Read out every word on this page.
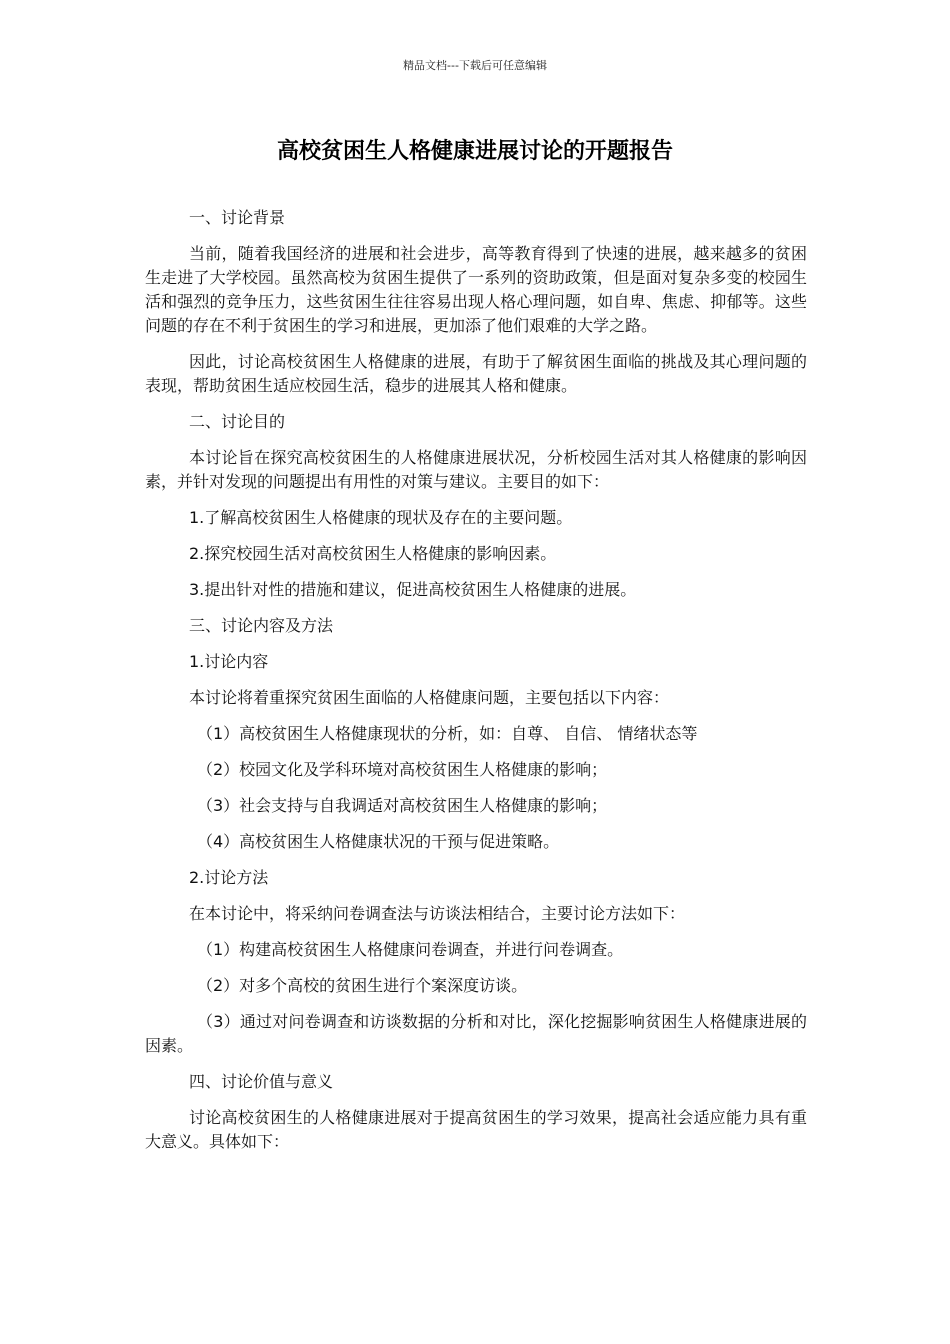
精品文档---下载后可任意编辑
高校贫困生人格健康进展讨论的开题报告

一、讨论背景

当前，随着我国经济的进展和社会进步，高等教育得到了快速的进展，越来越多的贫困生走进了大学校园。虽然高校为贫困生提供了一系列的资助政策，但是面对复杂多变的校园生活和强烈的竞争压力，这些贫困生往往容易出现人格心理问题，如自卑、焦虑、抑郁等。这些问题的存在不利于贫困生的学习和进展，更加添了他们艰难的大学之路。

因此，讨论高校贫困生人格健康的进展，有助于了解贫困生面临的挑战及其心理问题的表现，帮助贫困生适应校园生活，稳步的进展其人格和健康。

二、讨论目的

本讨论旨在探究高校贫困生的人格健康进展状况，分析校园生活对其人格健康的影响因素，并针对发现的问题提出有用性的对策与建议。主要目的如下：

1.了解高校贫困生人格健康的现状及存在的主要问题。

2.探究校园生活对高校贫困生人格健康的影响因素。

3.提出针对性的措施和建议，促进高校贫困生人格健康的进展。

三、讨论内容及方法

1.讨论内容

本讨论将着重探究贫困生面临的人格健康问题，主要包括以下内容：

（1）高校贫困生人格健康现状的分析，如：自尊、 自信、 情绪状态等

（2）校园文化及学科环境对高校贫困生人格健康的影响；

（3）社会支持与自我调适对高校贫困生人格健康的影响；

（4）高校贫困生人格健康状况的干预与促进策略。

2.讨论方法

在本讨论中，将采纳问卷调查法与访谈法相结合，主要讨论方法如下：

（1）构建高校贫困生人格健康问卷调查，并进行问卷调查。

（2）对多个高校的贫困生进行个案深度访谈。

（3）通过对问卷调查和访谈数据的分析和对比，深化挖掘影响贫困生人格健康进展的因素。

四、讨论价值与意义

讨论高校贫困生的人格健康进展对于提高贫困生的学习效果，提高社会适应能力具有重大意义。具体如下：
